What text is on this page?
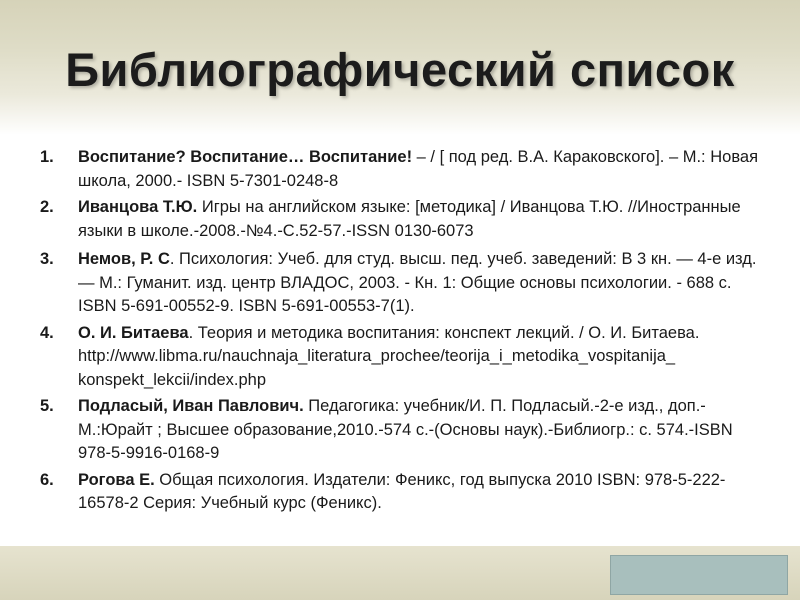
Библиографический список
1. Воспитание? Воспитание… Воспитание! – / [ под ред. В.А. Караковского]. – М.: Новая школа, 2000.- ISBN 5-7301-0248-8
2. Иванцова Т.Ю. Игры на английском языке: [методика] / Иванцова Т.Ю. //Иностранные языки в школе.-2008.-№4.-С.52-57.-ISSN 0130-6073
3. Немов, Р. С. Психология: Учеб. для студ. высш. пед. учеб. заведений: В 3 кн. — 4-е изд. — М.: Гуманит. изд. центр ВЛАДОС, 2003. - Кн. 1: Общие основы психологии. - 688 с. ISBN 5-691-00552-9. ISBN 5-691-00553-7(1).
4. О. И. Битаева. Теория и методика воспитания: конспект лекций. / О. И. Битаева. http://www.libma.ru/nauchnaja_literatura_prochee/teorija_i_metodika_vospitanija_ konspekt_lekcii/index.php
5. Подласый, Иван Павлович. Педагогика: учебник/И. П. Подласый.-2-е изд., доп.-М.:Юрайт ; Высшее образование,2010.-574 с.-(Основы наук).-Библиогр.: с. 574.-ISBN 978-5-9916-0168-9
6. Рогова Е. Общая психология. Издатели: Феникс, год выпуска 2010 ISBN: 978-5-222-16578-2 Серия: Учебный курс (Феникс).
